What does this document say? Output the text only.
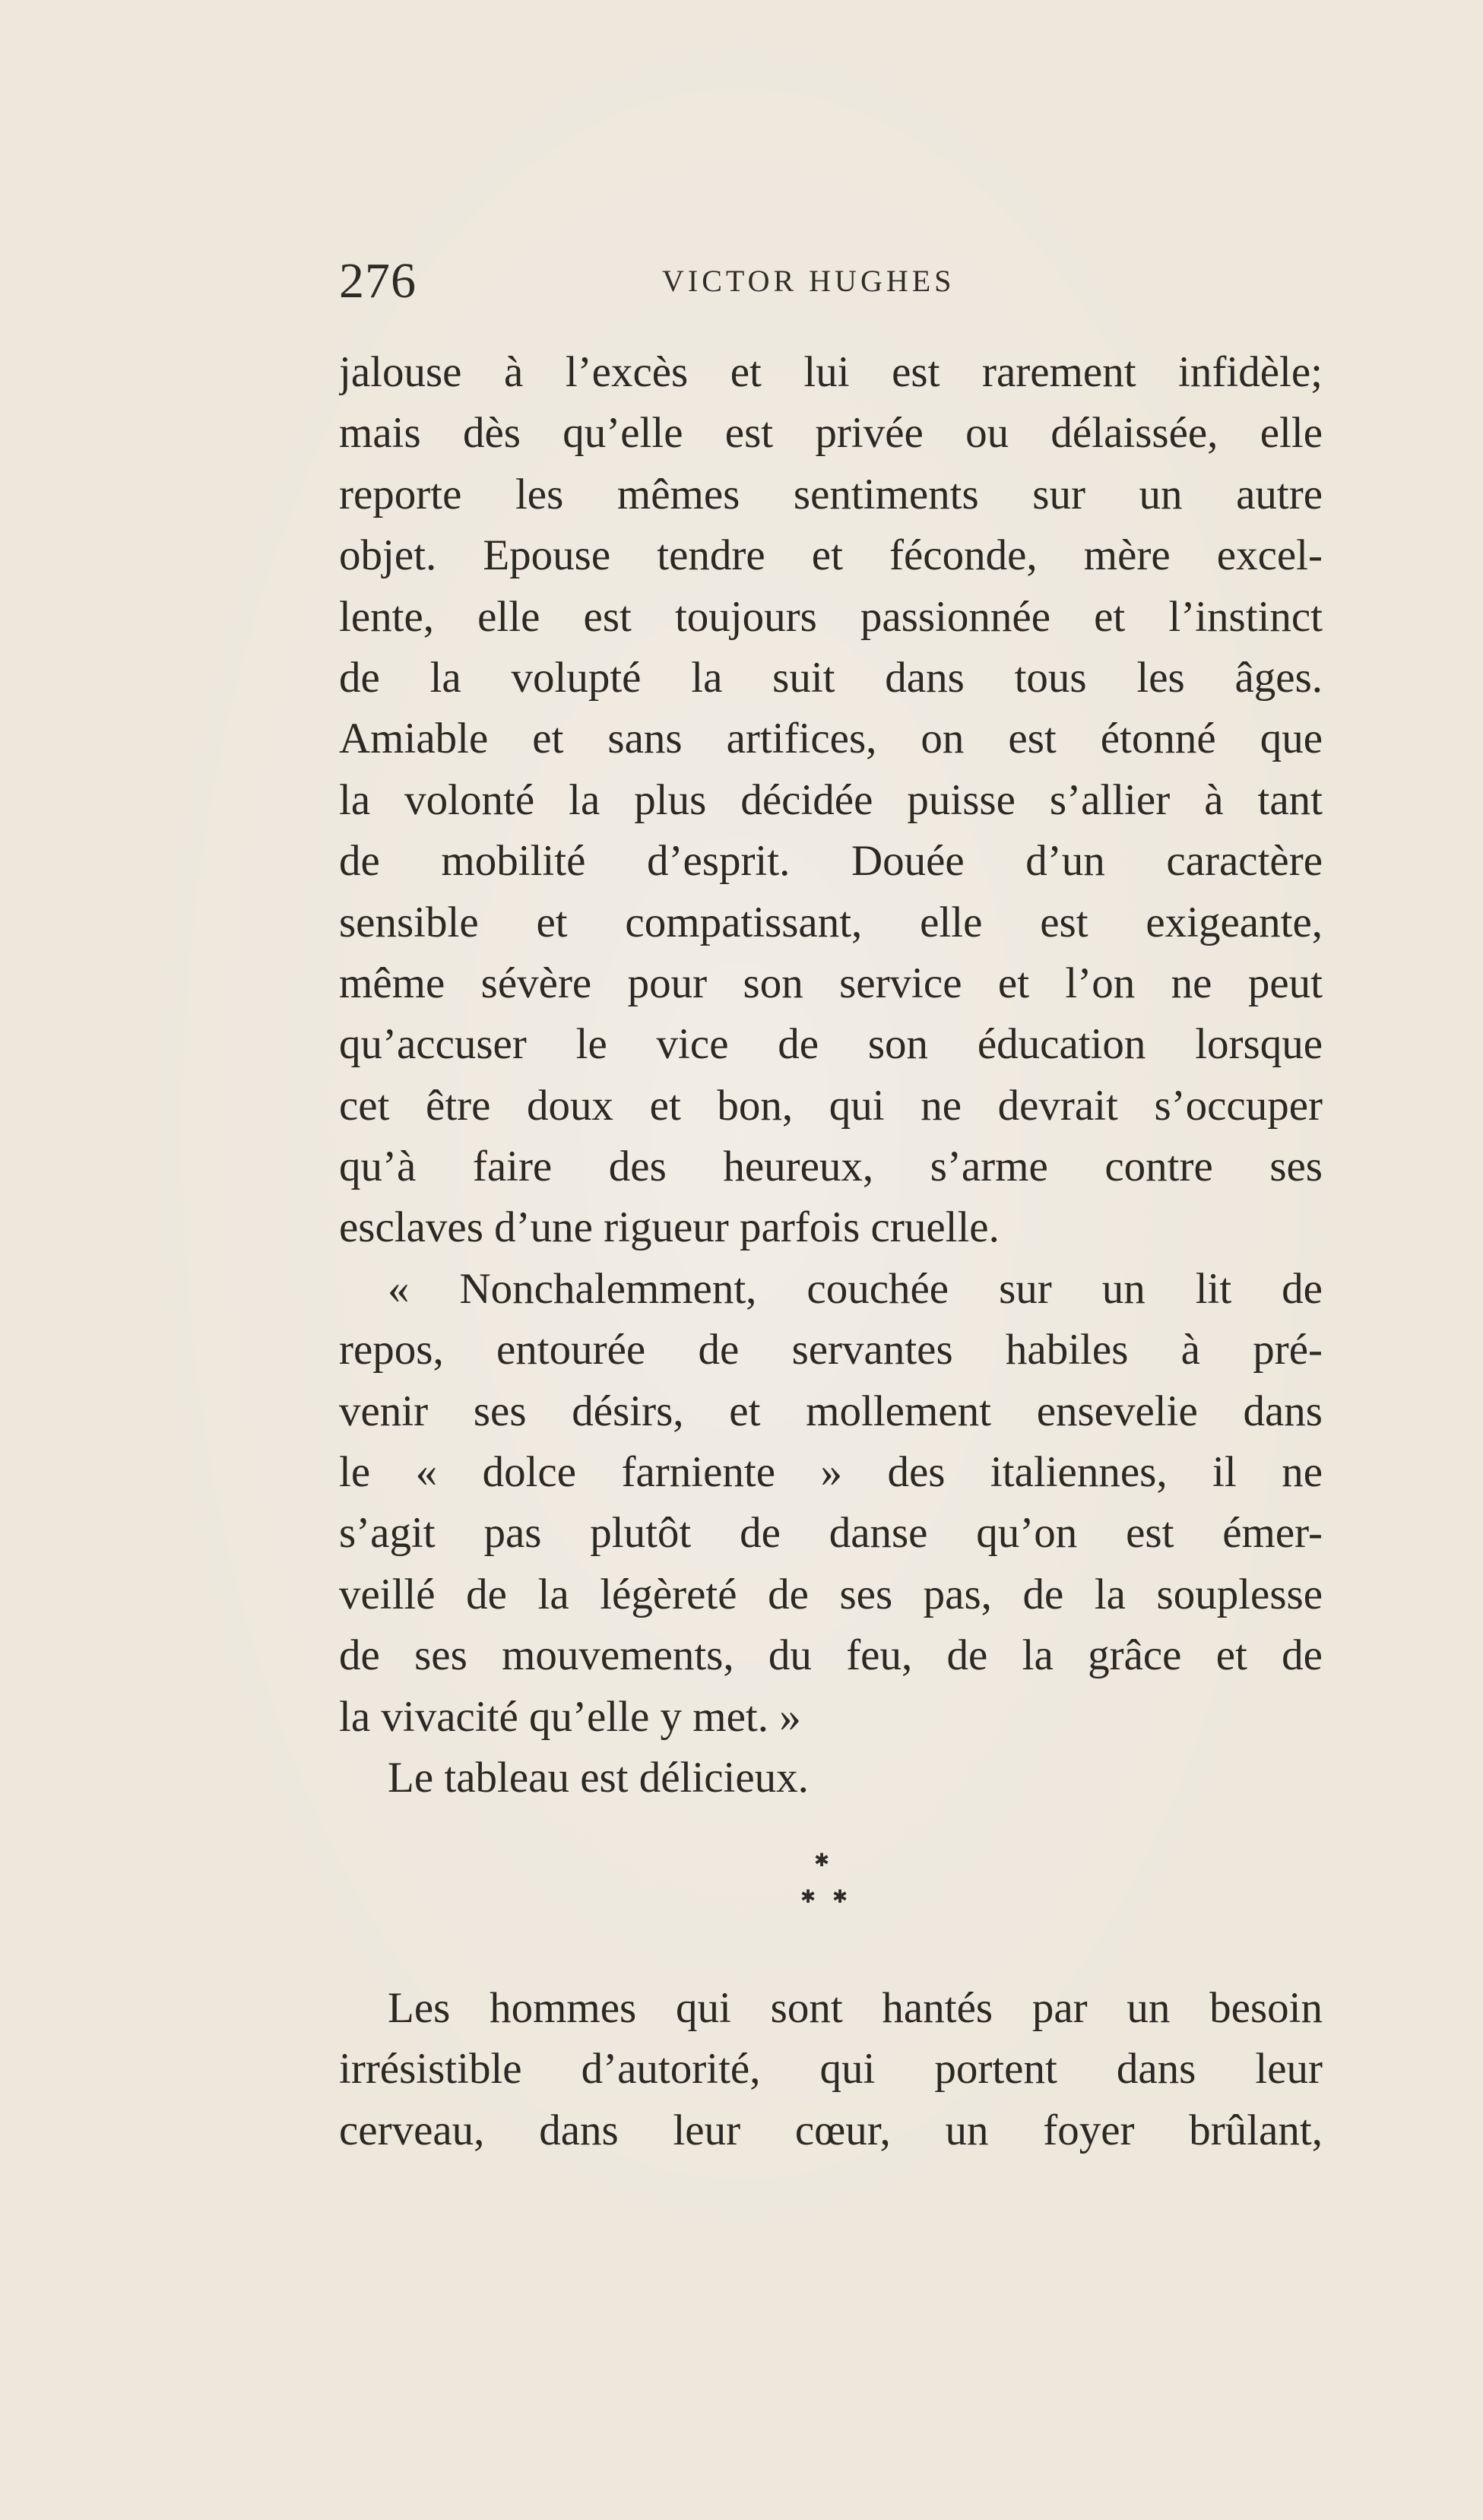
276	VICTOR HUGHES
jalouse à l’excès et lui est rarement infidèle;
mais dès qu’elle est privée ou délaissée, elle
reporte les mêmes sentiments sur un autre
objet. Epouse tendre et féconde, mère excel-
lente, elle est toujours passionnée et l’instinct
de la volupté la suit dans tous les âges.
Amiable et sans artifices, on est étonné que
la volonté la plus décidée puisse s’allier à tant
de mobilité d’esprit. Douée d’un caractère
sensible et compatissant, elle est exigeante,
même sévère pour son service et l’on ne peut
qu’accuser le vice de son éducation lorsque
cet être doux et bon, qui ne devrait s’occuper
qu’à faire des heureux, s’arme contre ses
esclaves d’une rigueur parfois cruelle.
« Nonchalemment, couchée sur un lit de
repos, entourée de servantes habiles à pré-
venir ses désirs, et mollement ensevelie dans
le « dolce farniente » des italiennes, il ne
s’agit pas plutôt de danse qu’on est émer-
veillé de la légèreté de ses pas, de la souplesse
de ses mouvements, du feu, de la grâce et de
la vivacité qu’elle y met. »
Le tableau est délicieux.
✱
✱ ✱
Les hommes qui sont hantés par un besoin
irrésistible d’autorité, qui portent dans leur
cerveau, dans leur cœur, un foyer brûlant,
